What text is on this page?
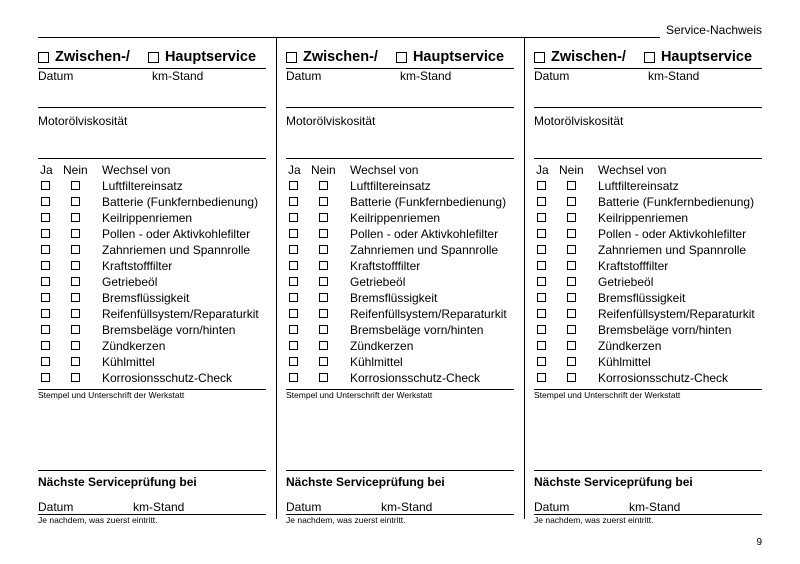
Service-Nachweis
Zwischen-/ Hauptservice
Datum	km-Stand
Motorölviskosität
Ja Nein Wechsel von
Luftfiltereinsatz
Batterie (Funkfernbedienung)
Keilrippenriemen
Pollen - oder Aktivkohlefilter
Zahnriemen und Spannrolle
Kraftstofffilter
Getriebeöl
Bremsflüssigkeit
Reifenfüllsystem/Reparaturkit
Bremsbeläge vorn/hinten
Zündkerzen
Kühlmittel
Korrosionsschutz-Check
Stempel und Unterschrift der Werkstatt
Nächste Serviceprüfung bei
Datum	km-Stand
Je nachdem, was zuerst eintritt.
Zwischen-/ Hauptservice
Datum	km-Stand
Motorölviskosität
Ja Nein Wechsel von
Luftfiltereinsatz
Batterie (Funkfernbedienung)
Keilrippenriemen
Pollen - oder Aktivkohlefilter
Zahnriemen und Spannrolle
Kraftstofffilter
Getriebeöl
Bremsflüssigkeit
Reifenfüllsystem/Reparaturkit
Bremsbeläge vorn/hinten
Zündkerzen
Kühlmittel
Korrosionsschutz-Check
Stempel und Unterschrift der Werkstatt
Nächste Serviceprüfung bei
Datum	km-Stand
Je nachdem, was zuerst eintritt.
Zwischen-/ Hauptservice
Datum	km-Stand
Motorölviskosität
Ja Nein Wechsel von
Luftfiltereinsatz
Batterie (Funkfernbedienung)
Keilrippenriemen
Pollen - oder Aktivkohlefilter
Zahnriemen und Spannrolle
Kraftstofffilter
Getriebeöl
Bremsflüssigkeit
Reifenfüllsystem/Reparaturkit
Bremsbeläge vorn/hinten
Zündkerzen
Kühlmittel
Korrosionsschutz-Check
Stempel und Unterschrift der Werkstatt
Nächste Serviceprüfung bei
Datum	km-Stand
Je nachdem, was zuerst eintritt.
9
